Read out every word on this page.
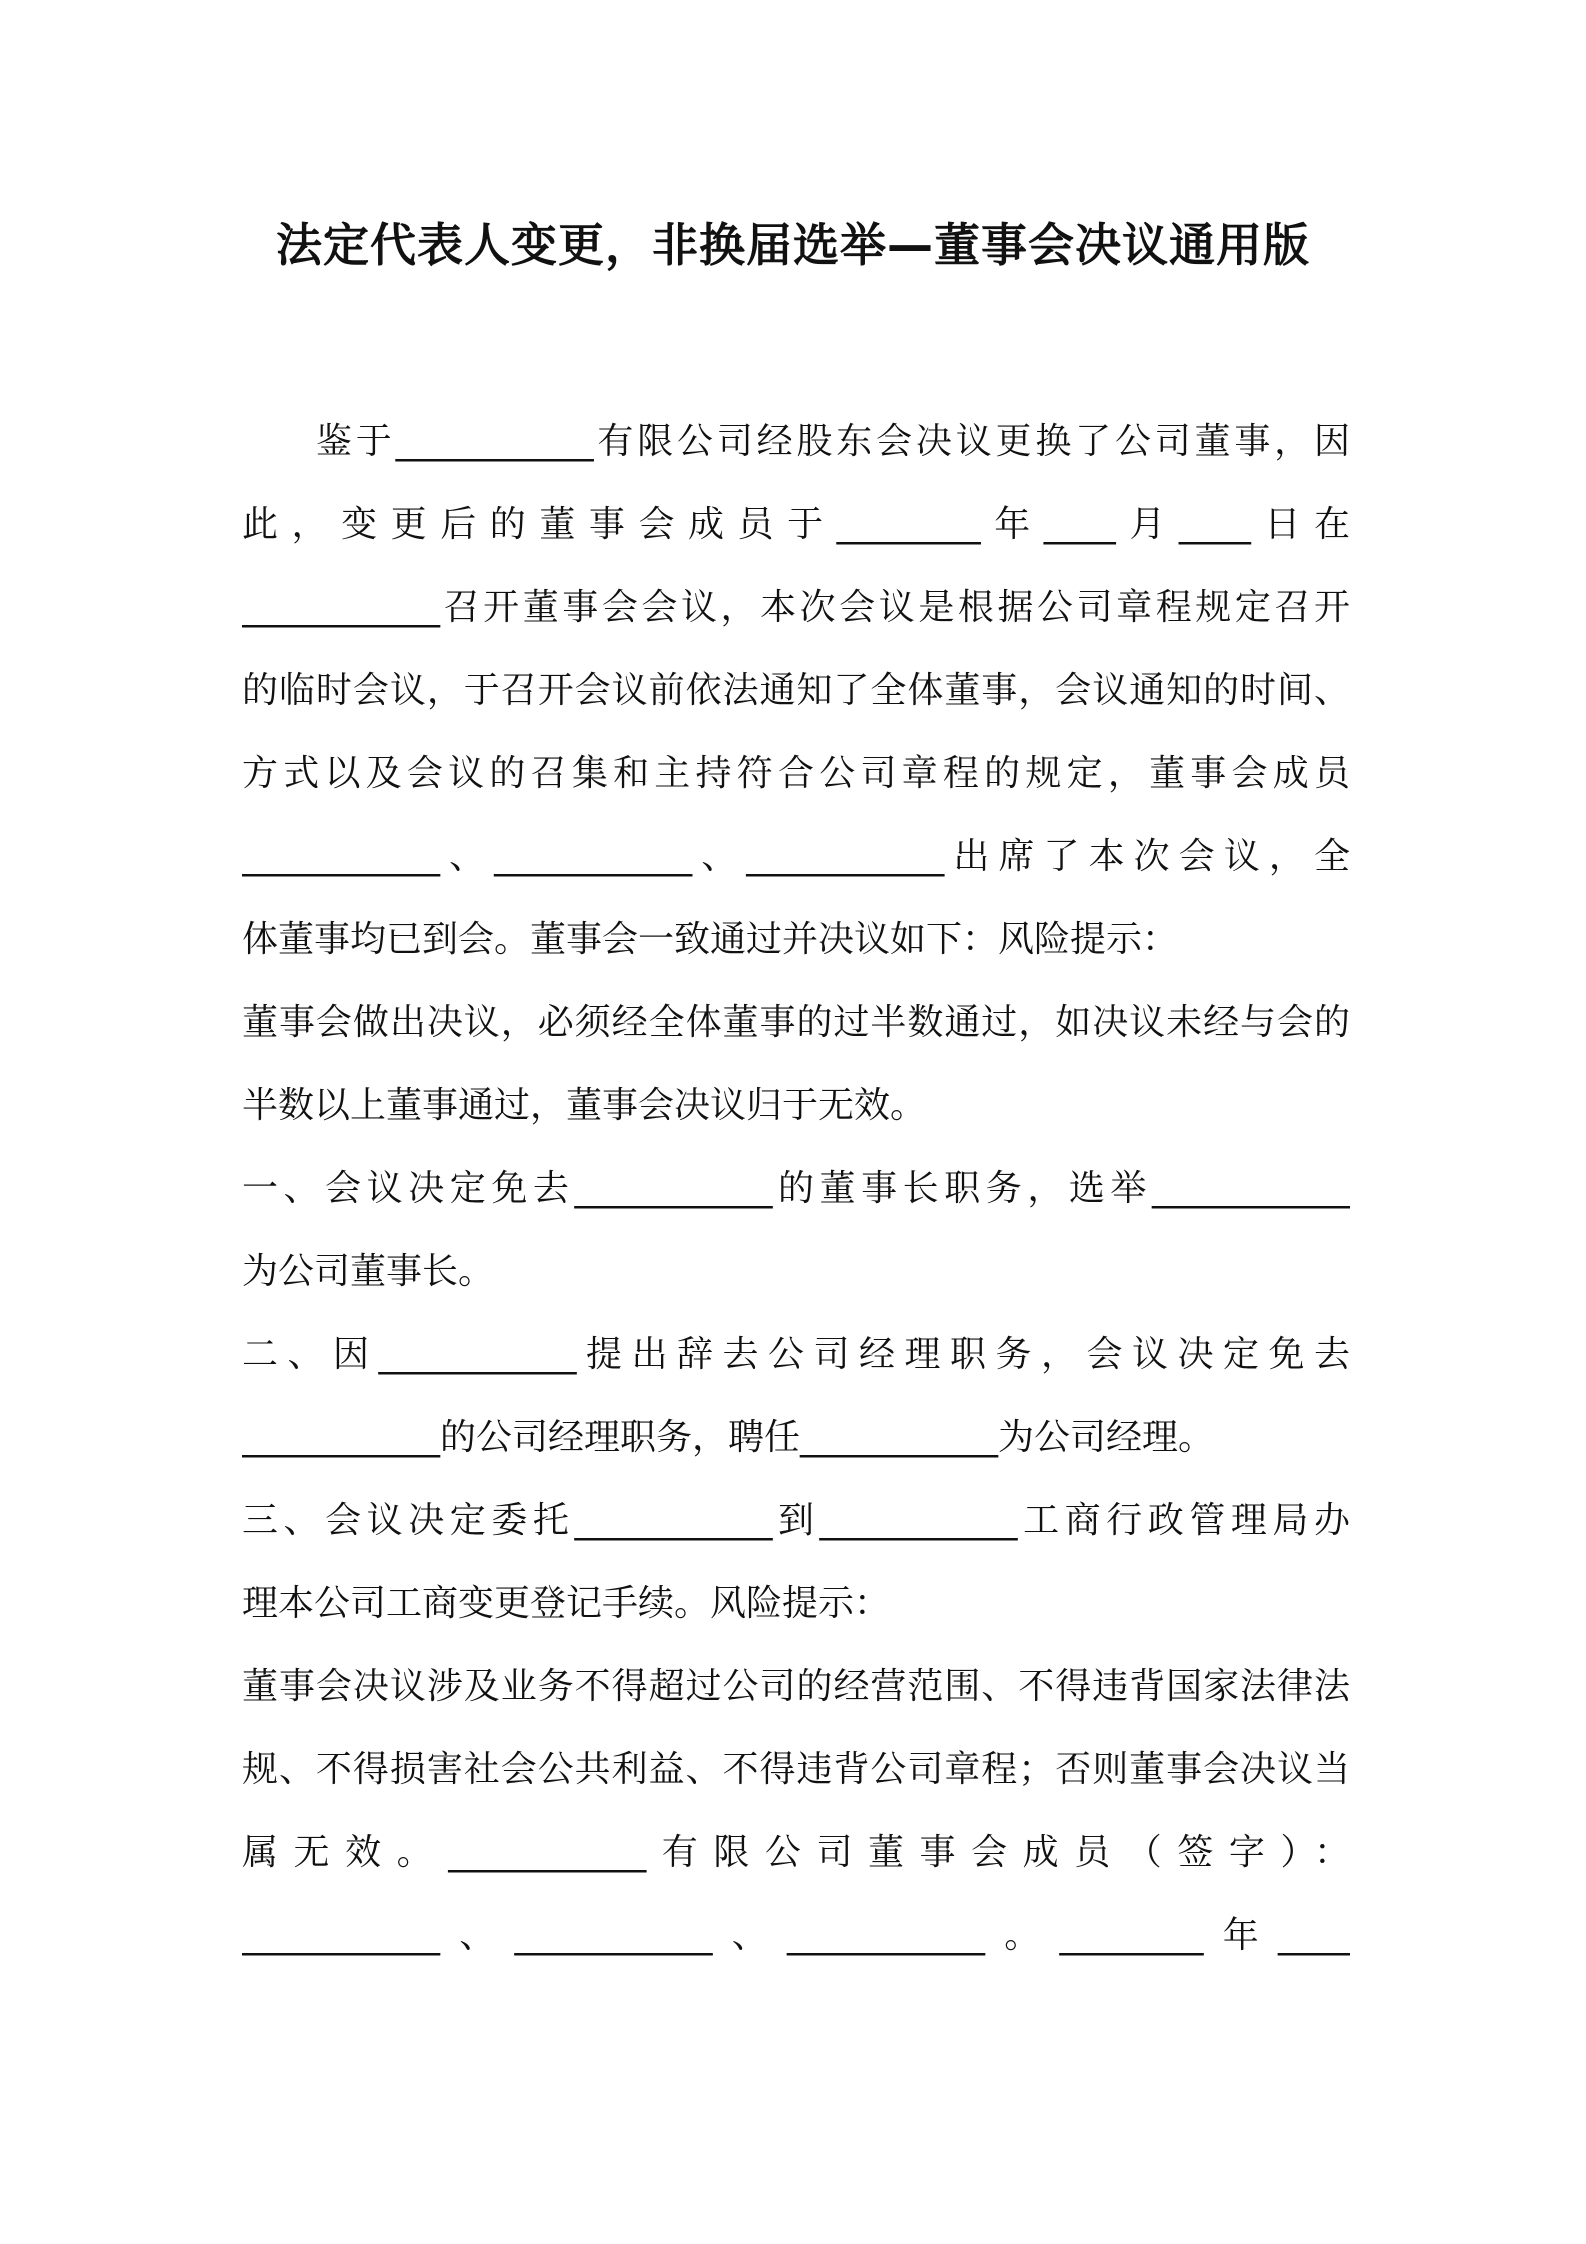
法定代表人变更，非换届选举—董事会决议通用版
鉴于___________有限公司经股东会决议更换了公司董事，因
此，变更后的董事会成员于________年____月____日在
___________召开董事会会议，本次会议是根据公司章程规定召开
的临时会议，于召开会议前依法通知了全体董事，会议通知的时间、
方式以及会议的召集和主持符合公司章程的规定，董事会成员
___________、___________、___________出席了本次会议，全
体董事均已到会。董事会一致通过并决议如下：风险提示：
董事会做出决议，必须经全体董事的过半数通过，如决议未经与会的
半数以上董事通过，董事会决议归于无效。
一、会议决定免去___________的董事长职务，选举___________
为公司董事长。
二、因___________提出辞去公司经理职务，会议决定免去
___________的公司经理职务，聘任___________为公司经理。
三、会议决定委托___________到___________工商行政管理局办
理本公司工商变更登记手续。风险提示：
董事会决议涉及业务不得超过公司的经营范围、不得违背国家法律法
规、不得损害社会公共利益、不得违背公司章程；否则董事会决议当
属无效。___________有限公司董事会成员（签字）：
___________、___________、___________。________年____
